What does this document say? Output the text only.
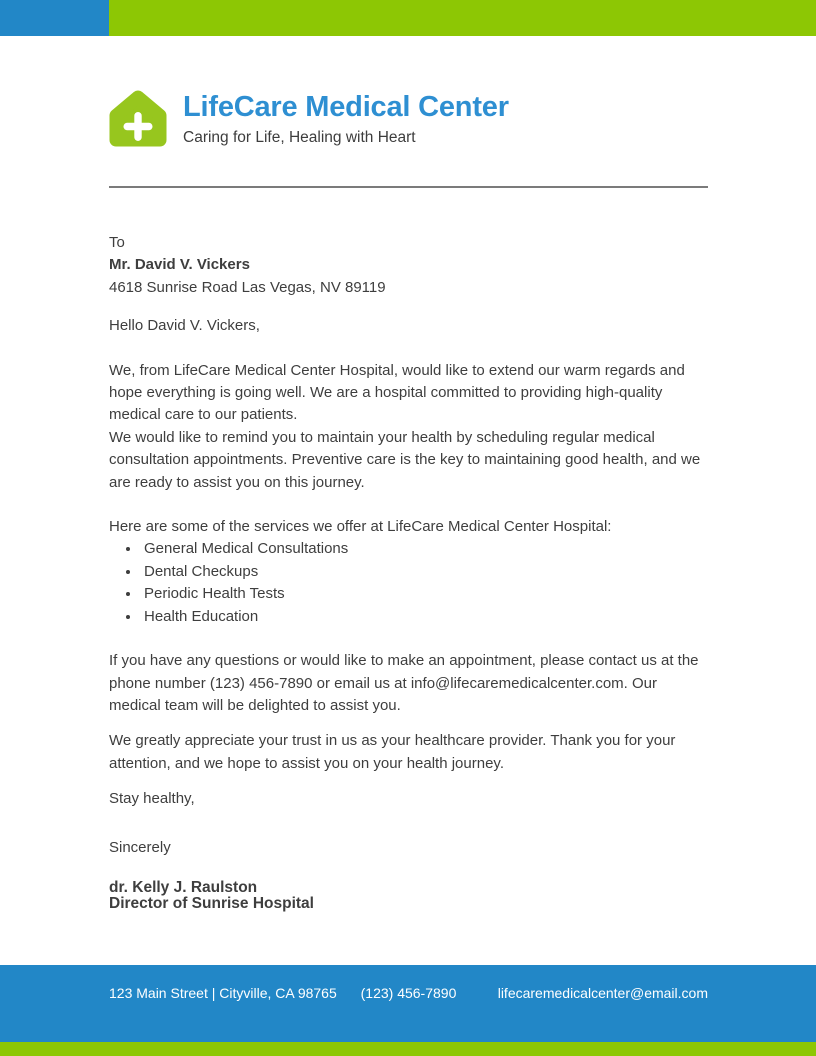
LifeCare Medical Center
Caring for Life, Healing with Heart
To
Mr. David V. Vickers
4618 Sunrise Road Las Vegas, NV 89119
Hello David V. Vickers,
We, from LifeCare Medical Center Hospital, would like to extend our warm regards and hope everything is going well. We are a hospital committed to providing high-quality medical care to our patients.
We would like to remind you to maintain your health by scheduling regular medical consultation appointments. Preventive care is the key to maintaining good health, and we are ready to assist you on this journey.
Here are some of the services we offer at LifeCare Medical Center Hospital:
• General Medical Consultations
• Dental Checkups
• Periodic Health Tests
• Health Education
If you have any questions or would like to make an appointment, please contact us at the phone number (123) 456-7890 or email us at info@lifecaremedicalcenter.com. Our medical team will be delighted to assist you.
We greatly appreciate your trust in us as your healthcare provider. Thank you for your attention, and we hope to assist you on your health journey.
Stay healthy,
Sincerely
dr. Kelly J. Raulston
Director of Sunrise Hospital
123 Main Street | Cityville, CA 98765 (123) 456-7890	lifecaremedicalcenter@email.com
